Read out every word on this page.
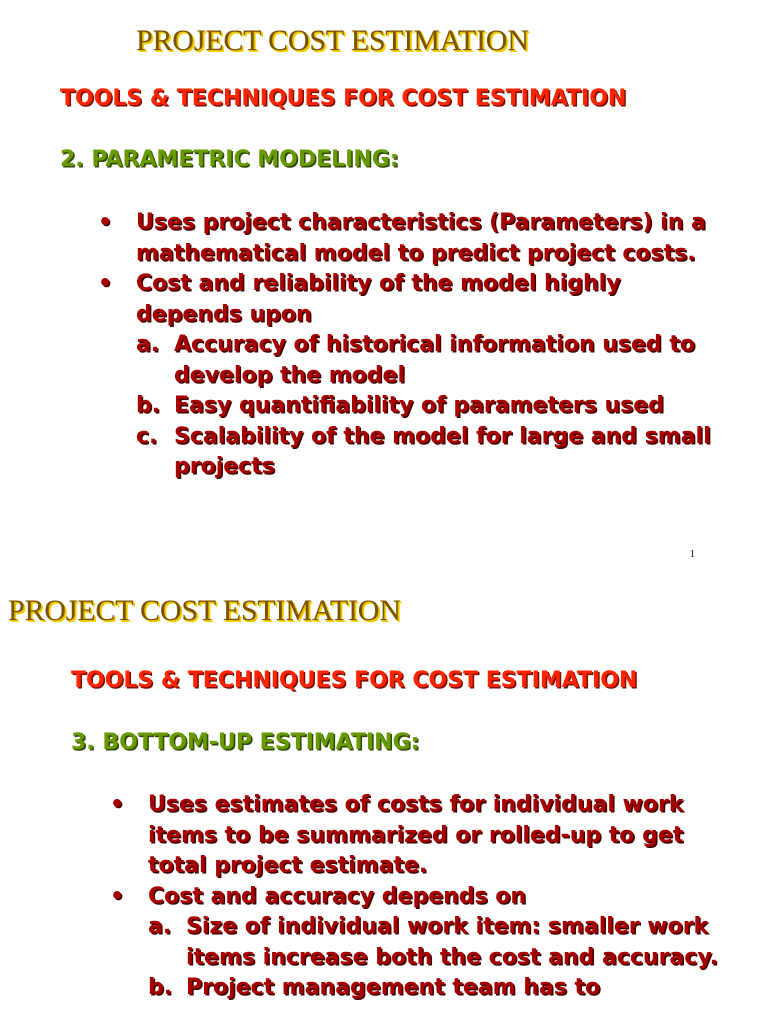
PROJECT COST ESTIMATION
TOOLS & TECHNIQUES FOR COST ESTIMATION
2. PARAMETRIC MODELING:
• Uses project characteristics (Parameters) in a mathematical model to predict project costs.
• Cost and reliability of the model highly depends upon
a. Accuracy of historical information used to develop the model
b. Easy quantifiability of parameters used
c. Scalability of the model for large and small projects
1
PROJECT COST ESTIMATION
TOOLS & TECHNIQUES FOR COST ESTIMATION
3. BOTTOM-UP ESTIMATING:
• Uses estimates of costs for individual work items to be summarized or rolled-up to get total project estimate.
• Cost and accuracy depends on
a. Size of individual work item: smaller work items increase both the cost and accuracy.
b. Project management team has to
